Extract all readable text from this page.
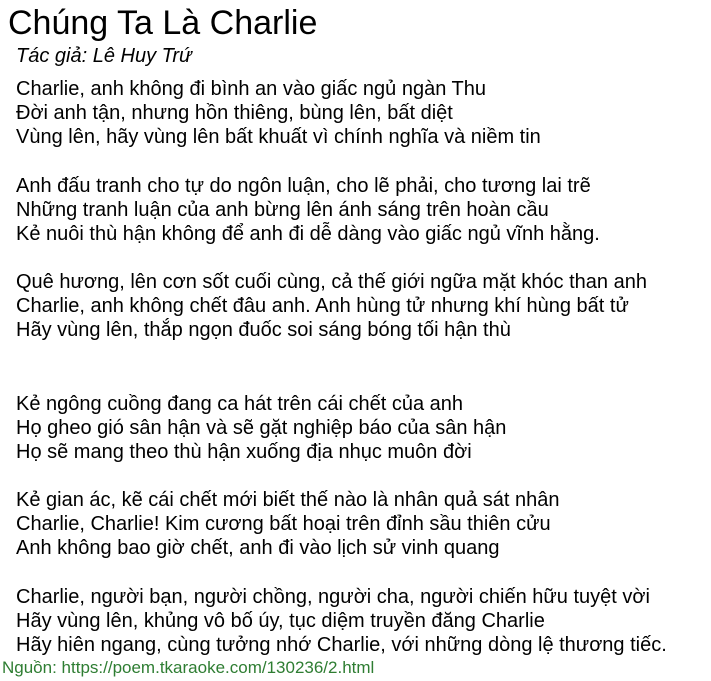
Chúng Ta Là Charlie
Tác giả: Lê Huy Trứ
Charlie, anh không đi bình an vào giấc ngủ ngàn Thu
Đời anh tận, nhưng hồn thiêng, bùng lên, bất diệt
Vùng lên, hãy vùng lên bất khuất vì chính nghĩa và niềm tin
Anh đấu tranh cho tự do ngôn luận, cho lẽ phải, cho tương lai trẽ
Những tranh luận của anh bừng lên ánh sáng trên hoàn cầu
Kẻ nuôi thù hận không để anh đi dễ dàng vào giấc ngủ vĩnh hằng.
Quê hương, lên cơn sốt cuối cùng, cả thế giới ngữa mặt khóc than anh
Charlie, anh không chết đâu anh. Anh hùng tử nhưng khí hùng bất tử
Hãy vùng lên, thắp ngọn đuốc soi sáng bóng tối hận thù
Kẻ ngông cuồng đang ca hát trên cái chết của anh
Họ gheo gió sân hận và sẽ gặt nghiệp báo của sân hận
Họ sẽ mang theo thù hận xuống địa nhục muôn đời
Kẻ gian ác, kẽ cái chết mới biết thế nào là nhân quả sát nhân
Charlie, Charlie! Kim cương bất hoại trên đỉnh sầu thiên cửu
Anh không bao giờ chết, anh đi vào lịch sử vinh quang
Charlie, người bạn, người chồng, người cha, người chiến hữu tuyệt vời
Hãy vùng lên, khủng vô bố úy, tục diệm truyền đăng Charlie
Hãy hiên ngang, cùng tưởng nhớ Charlie, với những dòng lệ thương tiếc.
Nguồn: https://poem.tkaraoke.com/130236/2.html
